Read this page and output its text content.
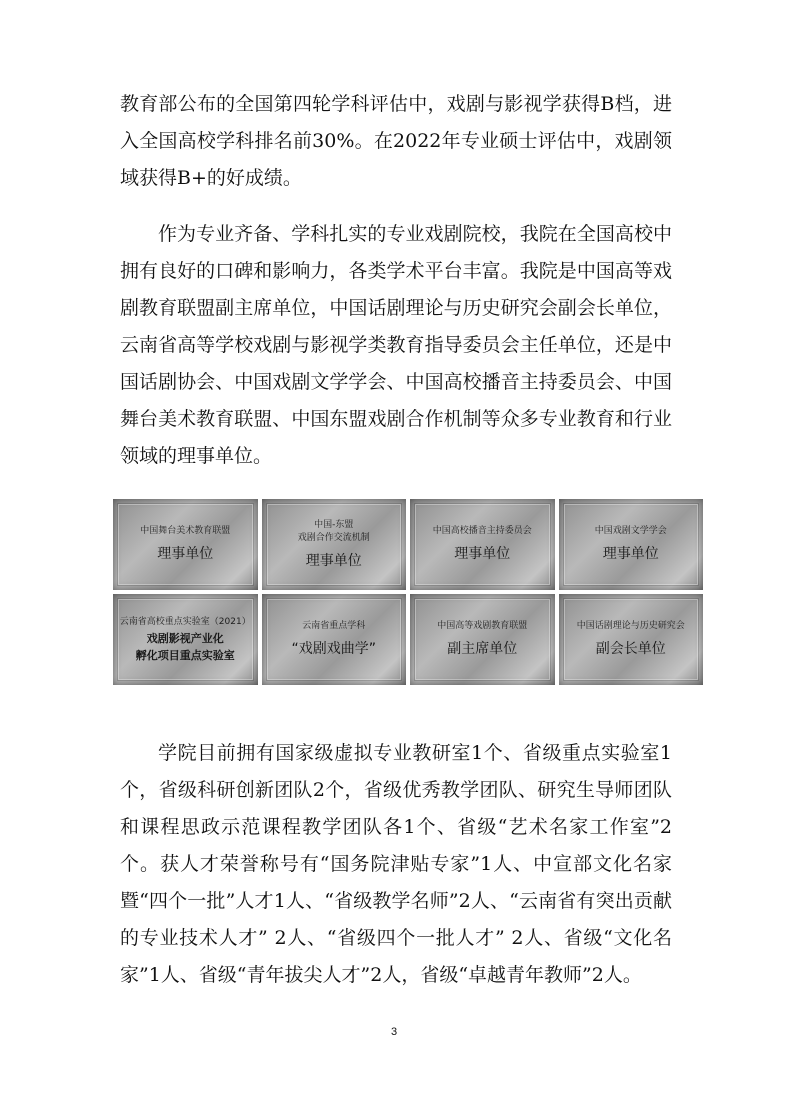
教育部公布的全国第四轮学科评估中，戏剧与影视学获得B档，进入全国高校学科排名前30%。在2022年专业硕士评估中，戏剧领域获得B+的好成绩。

作为专业齐备、学科扎实的专业戏剧院校，我院在全国高校中拥有良好的口碑和影响力，各类学术平台丰富。我院是中国高等戏剧教育联盟副主席单位，中国话剧理论与历史研究会副会长单位，云南省高等学校戏剧与影视学类教育指导委员会主任单位，还是中国话剧协会、中国戏剧文学学会、中国高校播音主持委员会、中国舞台美术教育联盟、中国东盟戏剧合作机制等众多专业教育和行业领域的理事单位。

中国舞台美术教育联盟
理事单位
中国-东盟
戏剧合作交流机制
理事单位
中国高校播音主持委员会
理事单位
中国戏剧文学学会
理事单位
云南省高校重点实验室（2021）
戏剧影视产业化
孵化项目重点实验室
云南省重点学科
“戏剧戏曲学”
中国高等戏剧教育联盟
副主席单位
中国话剧理论与历史研究会
副会长单位

学院目前拥有国家级虚拟专业教研室1个、省级重点实验室1个，省级科研创新团队2个，省级优秀教学团队、研究生导师团队和课程思政示范课程教学团队各1个、省级“艺术名家工作室”2个。获人才荣誉称号有“国务院津贴专家”1人、中宣部文化名家暨“四个一批”人才1人、“省级教学名师”2人、“云南省有突出贡献的专业技术人才” 2人、“省级四个一批人才” 2人、省级“文化名家”1人、省级“青年拔尖人才”2人，省级“卓越青年教师”2人。

3
